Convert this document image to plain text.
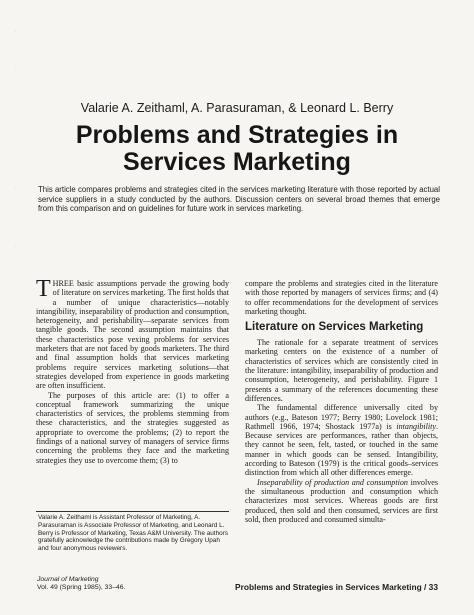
·
·
·
·
Valarie A. Zeithaml, A. Parasuraman, & Leonard L. Berry
Problems and Strategies in
Services Marketing

This article compares problems and strategies cited in the services marketing literature with those reported by actual service suppliers in a study conducted by the authors. Discussion centers on several broad themes that emerge from this comparison and on guidelines for future work in services marketing.

THREE basic assumptions pervade the growing body of literature on services marketing. The first holds that a number of unique characteristics—notably intangibility, inseparability of production and consumption, heterogeneity, and perishability—separate services from tangible goods. The second assumption maintains that these characteristics pose vexing problems for services marketers that are not faced by goods marketers. The third and final assumption holds that services marketing problems require services marketing solutions—that strategies developed from experience in goods marketing are often insufficient.

The purposes of this article are: (1) to offer a conceptual framework summarizing the unique characteristics of services, the problems stemming from these characteristics, and the strategies suggested as appropriate to overcome the problems; (2) to report the findings of a national survey of managers of service firms concerning the problems they face and the marketing strategies they use to overcome them; (3) to

compare the problems and strategies cited in the literature with those reported by managers of services firms; and (4) to offer recommendations for the development of services marketing thought.

Literature on Services Marketing

The rationale for a separate treatment of services marketing centers on the existence of a number of characteristics of services which are consistently cited in the literature: intangibility, inseparability of production and consumption, heterogeneity, and perishability. Figure 1 presents a summary of the references documenting these differences.

The fundamental difference universally cited by authors (e.g., Bateson 1977; Berry 1980; Lovelock 1981; Rathmell 1966, 1974; Shostack 1977a) is intangibility. Because services are performances, rather than objects, they cannot be seen, felt, tasted, or touched in the same manner in which goods can be sensed. Intangibility, according to Bateson (1979) is the critical goods–services distinction from which all other differences emerge.

Inseparability of production and consumption involves the simultaneous production and consumption which characterizes most services. Whereas goods are first produced, then sold and then consumed, services are first sold, then produced and consumed simulta-

Valarie A. Zeithaml is Assistant Professor of Marketing, A. Parasuraman is Associate Professor of Marketing, and Leonard L. Berry is Professor of Marketing, Texas A&M University. The authors gratefully acknowledge the contributions made by Gregory Upah and four anonymous reviewers.

Journal of Marketing
Vol. 49 (Spring 1985), 33–46.	Problems and Strategies in Services Marketing / 33
